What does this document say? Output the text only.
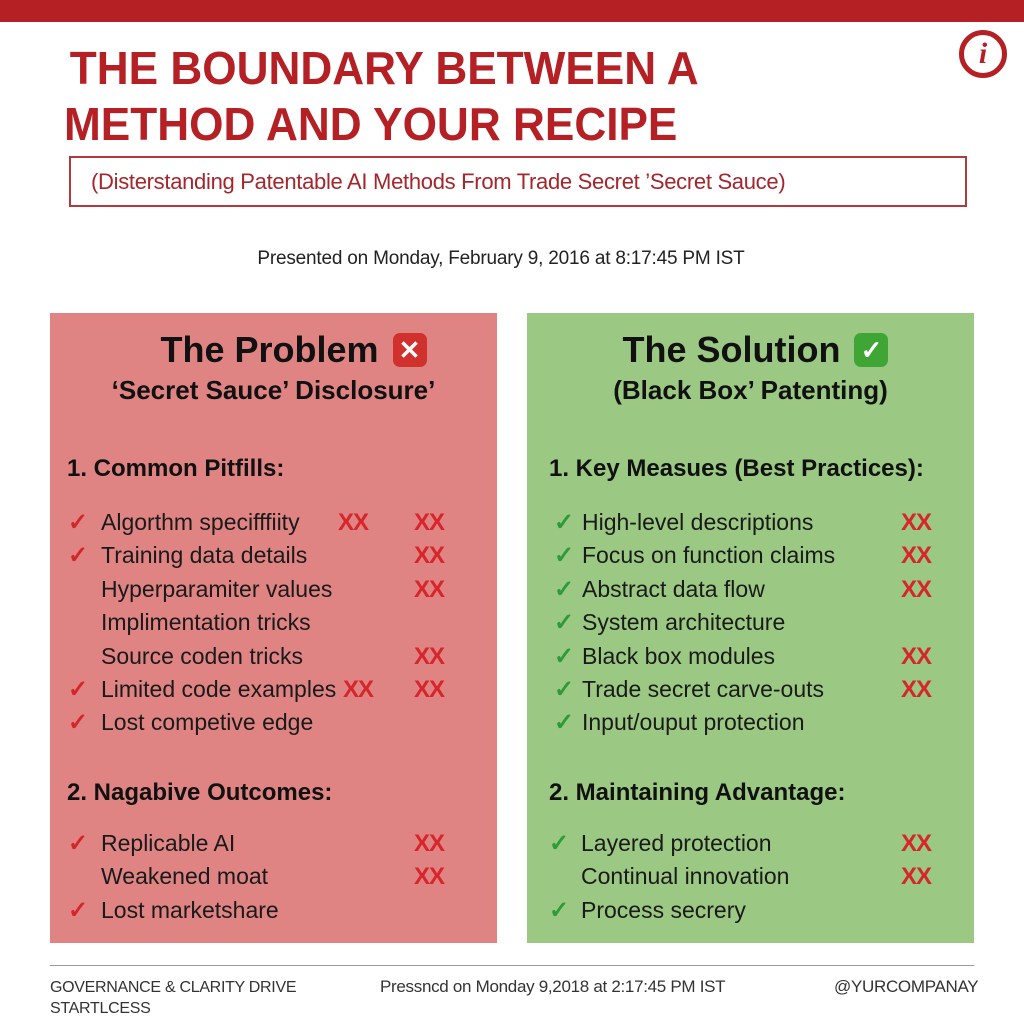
THE BOUNDARY BETWEEN A
METHOD AND YOUR RECIPE
i
(Disterstanding Patentable AI Methods From Trade Secret ’Secret Sauce)
Presented on Monday, February 9, 2016 at 8:17:45 PM IST
The Problem ✕
‘Secret Sauce’ Disclosure’
1. Common Pitfills:
✓ Algorthm specifffiity XX XX
✓ Training data details	XX
Hyperparamiter values	XX
Implimentation tricks
Source coden tricks	XX
✓ Limited code examples XX XX
✓ Lost competive edge
2. Nagabive Outcomes:
✓ Replicable AI	XX
Weakened moat	XX
✓ Lost marketshare
The Solution ✓
(Black Box’ Patenting)
1. Key Measues (Best Practices):
✓ High-level descriptions	XX
✓ Focus on function claims	XX
✓ Abstract data flow	XX
✓ System architecture
✓ Black box modules	XX
✓ Trade secret carve-outs	XX
✓ Input/ouput protection
2. Maintaining Advantage:
✓ Layered protection	XX
Continual innovation	XX
✓ Process secrery
GOVERNANCE & CLARITY DRIVE
STARTLCESS
Pressncd on Monday 9,2018 at 2:17:45 PM IST	@YURCOMPANAY
